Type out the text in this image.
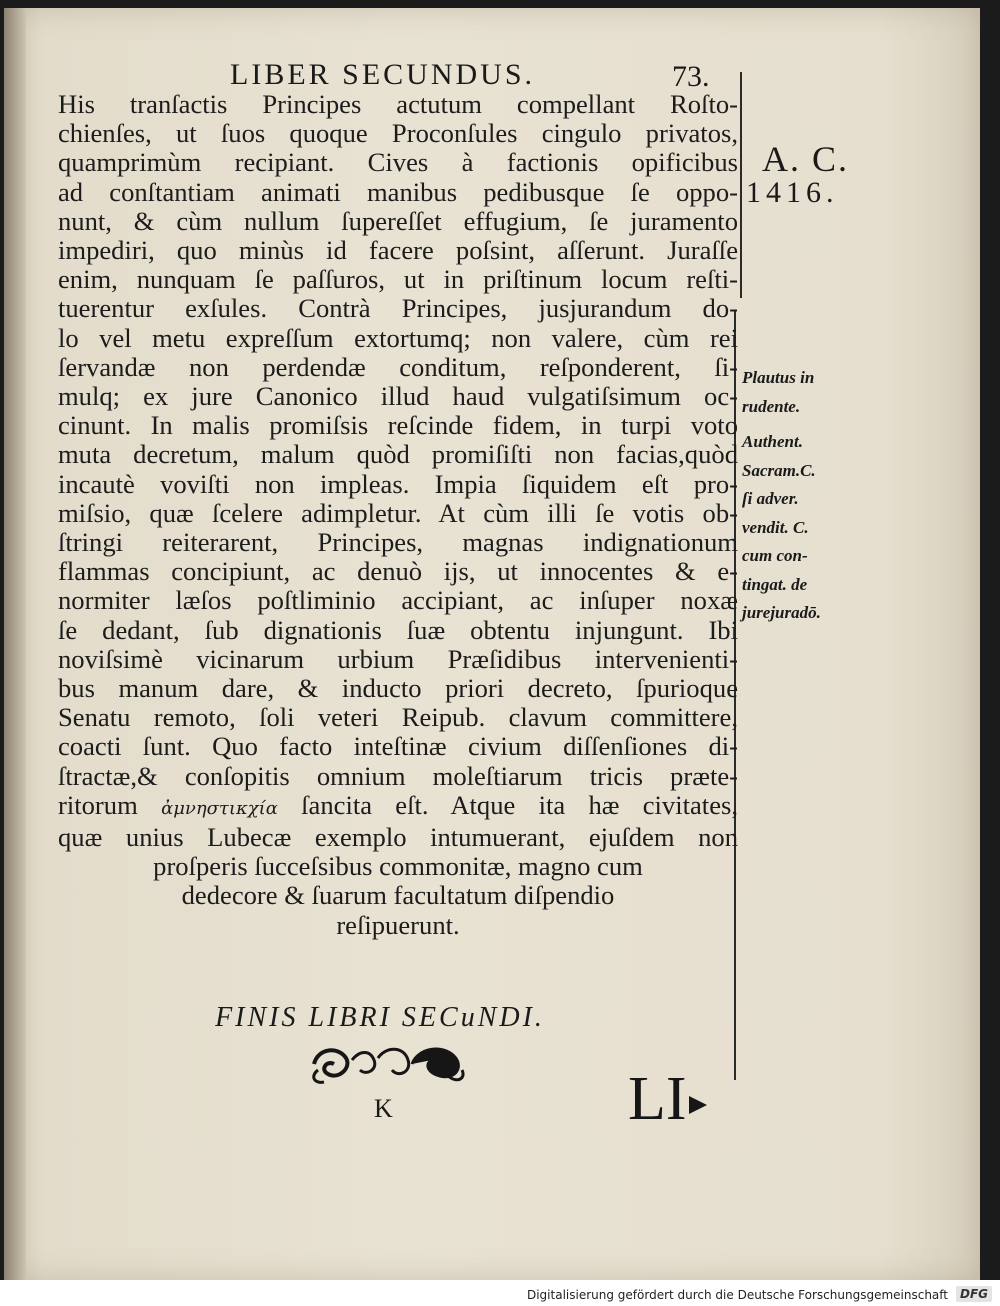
LIBER SECUNDUS.	73.
His tranſactis Principes actutum compellant Roſto-
chienſes, ut ſuos quoque Proconſules cingulo privatos,
quamprimùm recipiant. Cives à factionis opificibus
ad conſtantiam animati manibus pedibusque ſe oppo-
nunt, & cùm nullum ſupereſſet effugium, ſe juramento
impediri, quo minùs id facere poſsint, aſſerunt. Juraſſe
enim, nunquam ſe paſſuros, ut in priſtinum locum reſti-
tuerentur exſules. Contrà Principes, jusjurandum do-
lo vel metu expreſſum extortumq; non valere, cùm rei
ſervandæ non perdendæ conditum, reſponderent, ſi-
mulq; ex jure Canonico illud haud vulgatiſsimum oc-
cinunt. In malis promiſsis reſcinde fidem, in turpi voto
muta decretum, malum quòd promiſiſti non facias,quòd
incautè voviſti non impleas. Impia ſiquidem eſt pro-
miſsio, quæ ſcelere adimpletur. At cùm illi ſe votis ob-
ſtringi reiterarent, Principes, magnas indignationum
flammas concipiunt, ac denuò ijs, ut innocentes & e-
normiter læſos poſtliminio accipiant, ac inſuper noxæ
ſe dedant, ſub dignationis ſuæ obtentu injungunt. Ibi
noviſsimè vicinarum urbium Præſidibus intervenienti-
bus manum dare, & inducto priori decreto, ſpurioque
Senatu remoto, ſoli veteri Reipub. clavum committere,
coacti ſunt. Quo facto inteſtinæ civium diſſenſiones di-
ſtractæ,& conſopitis omnium moleſtiarum tricis præte-
ritorum ἀμνηστικχία ſancita eſt. Atque ita hæ civitates,
quæ unius Lubecæ exemplo intumuerant, ejuſdem non
proſperis ſucceſsibus commonitæ, magno cum
dedecore & ſuarum facultatum diſpendio
reſipuerunt.
A. C.
1416.
Plautus in
rudente.
Authent.
Sacram.C.
ſi adver.
vendit. C.
cum con-
tingat. de
jurejuradō.
FINIS LIBRI SECuNDI.
K	LI
Digitalisierung gefördert durch die Deutsche Forschungsgemeinschaft DFG
